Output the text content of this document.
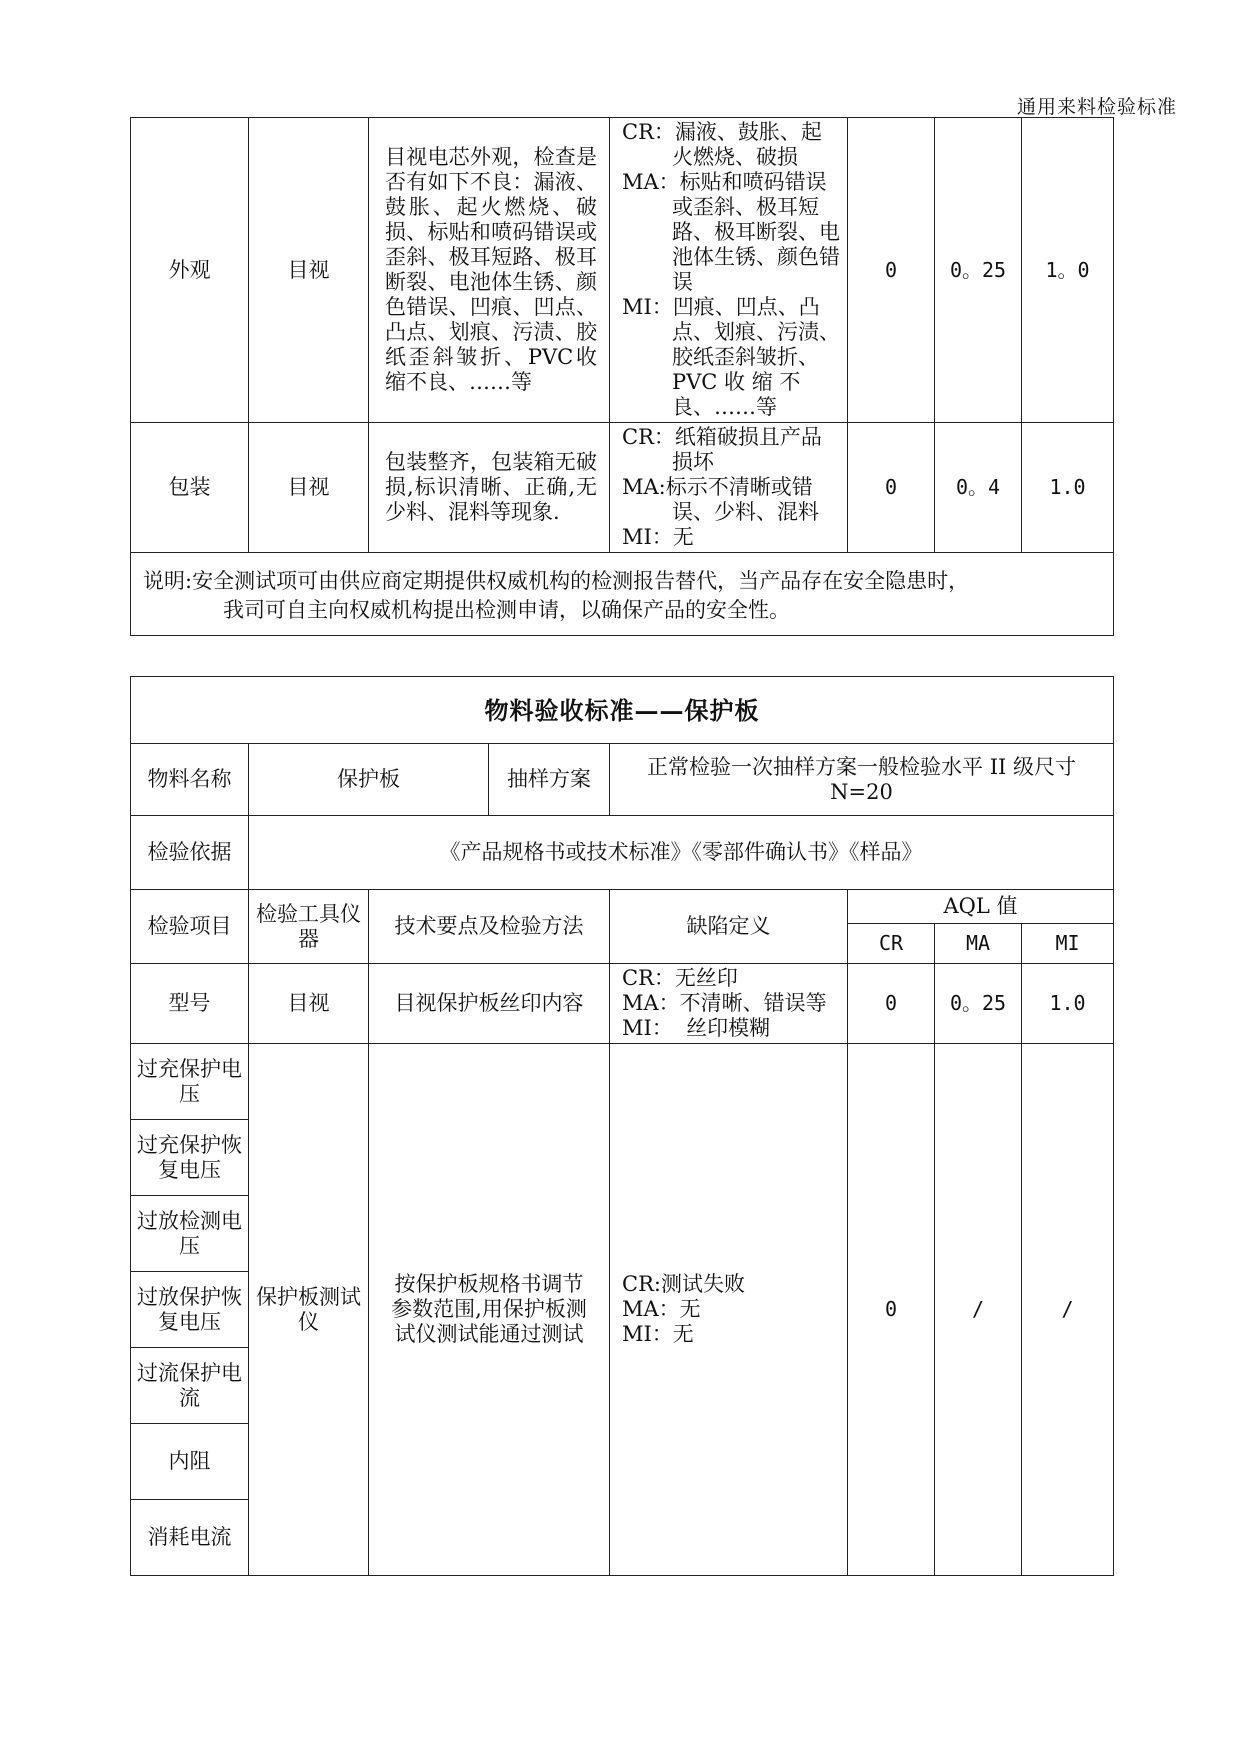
通用来料检验标准
外观	目视	目视电芯外观，检查是否有如下不良：漏液、鼓胀、起火燃烧、破损、标贴和喷码错误或歪斜、极耳短路、极耳断裂、电池体生锈、颜色错误、凹痕、凹点、凸点、划痕、污渍、胶纸歪斜皱折、PVC收缩不良、……等	CR：漏液、鼓胀、起火燃烧、破损
MA：标贴和喷码错误或歪斜、极耳短路、极耳断裂、电池体生锈、颜色错误
MI：凹痕、凹点、凸点、划痕、污渍、胶纸歪斜皱折、PVC 收 缩 不良、……等	0	0。25	1。0
包装	目视	包装整齐，包装箱无破损,标识清晰、正确,无少料、混料等现象.	CR：纸箱破损且产品损坏
MA:标示不清晰或错误、少料、混料
MI：无	0	0。4	1.0
说明:安全测试项可由供应商定期提供权威机构的检测报告替代，当产品存在安全隐患时，
我司可自主向权威机构提出检测申请，以确保产品的安全性。						
物料验收标准——保护板							
物料名称	保护板		抽样方案	正常检验一次抽样方案一般检验水平 II 级尺寸 N=20			
检验依据	《产品规格书或技术标准》《零部件确认书》《样品》						
检验项目	检验工具仪器	技术要点及检验方法		缺陷定义	AQL 值		
					CR	MA	MI
型号	目视	目视保护板丝印内容		CR：无丝印
MA：不清晰、错误等
MI：  丝印模糊	0	0。25	1.0
过充保护电压	保护板测试仪	按保护板规格书调节参数范围,用保护板测试仪测试能通过测试		CR:测试失败
MA：无
MI：无	0	/	/
过充保护恢复电压							
过放检测电压							
过放保护恢复电压							
过流保护电流							
内阻							
消耗电流							
